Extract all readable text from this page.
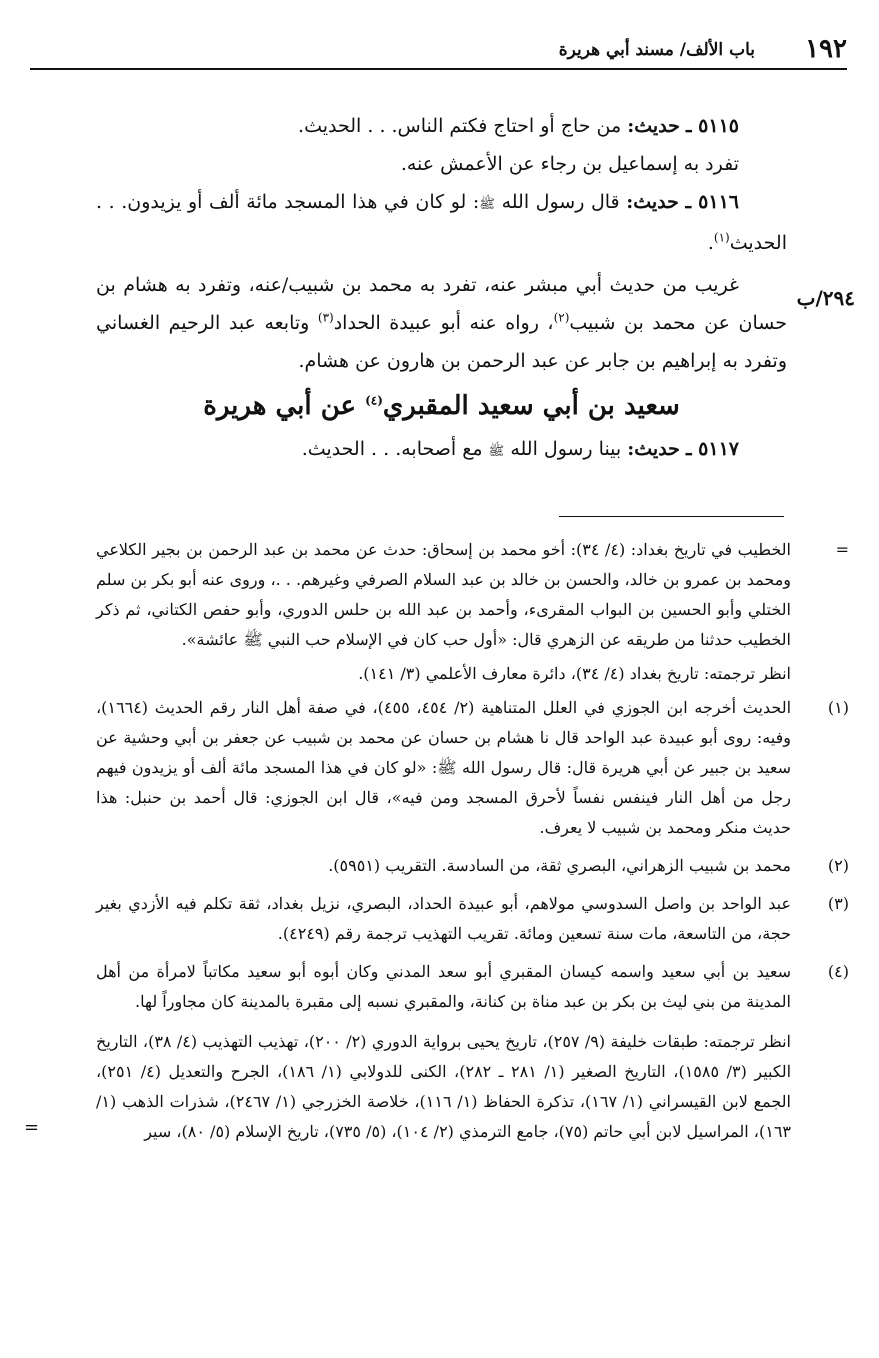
١٩٢
باب الألف/ مسند أبي هريرة
٢٩٤/ب

٥١١٥ ـ حديث: من حاج أو احتاج فكتم الناس. . . الحديث.

تفرد به إسماعيل بن رجاء عن الأعمش عنه.

٥١١٦ ـ حديث: قال رسول الله ﷺ: لو كان في هذا المسجد مائة ألف أو يزيدون. . . الحديث$^{(١)}$.

غريب من حديث أبي مبشر عنه، تفرد به محمد بن شبيب/عنه، وتفرد به هشام بن حسان عن محمد بن شبيب$^{(٢)}$، رواه عنه أبو عبيدة الحداد$^{(٣)}$ وتابعه عبد الرحيم الغساني وتفرد به إبراهيم بن جابر عن عبد الرحمن بن هارون عن هشام.

سعيد بن أبي سعيد المقبري$^{(٤)}$ عن أبي هريرة

٥١١٧ ـ حديث: بينا رسول الله ﷺ مع أصحابه. . . الحديث.

=
الخطيب في تاريخ بغداد: (٤/ ٣٤): أخو محمد بن إسحاق: حدث عن محمد بن عبد الرحمن بن بجير الكلاعي ومحمد بن عمرو بن خالد، والحسن بن خالد بن عبد السلام الصرفي وغيرهم. . .، وروى عنه أبو بكر بن سلم الختلي وأبو الحسين بن البواب المقرىء، وأحمد بن عبد الله بن حلس الدوري، وأبو حفص الكتاني، ثم ذكر الخطيب حدثنا من طريقه عن الزهري قال: «أول حب كان في الإسلام حب النبي ﷺ عائشة».
انظر ترجمته: تاريخ بغداد (٤/ ٣٤)، دائرة معارف الأعلمي (٣/ ١٤١).
(١)
الحديث أخرجه ابن الجوزي في العلل المتناهية (٢/ ٤٥٤، ٤٥٥)، في صفة أهل النار رقم الحديث (١٦٦٤)، وفيه: روى أبو عبيدة عبد الواحد قال نا هشام بن حسان عن محمد بن شبيب عن جعفر بن أبي وحشية عن سعيد بن جبير عن أبي هريرة قال: قال رسول الله ﷺ: «لو كان في هذا المسجد مائة ألف أو يزيدون فيهم رجل من أهل النار فينفس نفساً لأحرق المسجد ومن فيه»، قال ابن الجوزي: قال أحمد بن حنبل: هذا حديث منكر ومحمد بن شبيب لا يعرف.
(٢)
محمد بن شبيب الزهراني، البصري ثقة، من السادسة. التقريب (٥٩٥١).
(٣)
عبد الواحد بن واصل السدوسي مولاهم، أبو عبيدة الحداد، البصري، نزيل بغداد، ثقة تكلم فيه الأزدي بغير حجة، من التاسعة، مات سنة تسعين ومائة. تقريب التهذيب ترجمة رقم (٤٢٤٩).
(٤)
سعيد بن أبي سعيد واسمه كيسان المقبري أبو سعد المدني وكان أبوه أبو سعيد مكاتباً لامرأة من أهل المدينة من بني ليث بن بكر بن عبد مناة بن كنانة، والمقبري نسبه إلى مقبرة بالمدينة كان مجاوراً لها.
انظر ترجمته: طبقات خليفة (٩/ ٢٥٧)، تاريخ يحيى برواية الدوري (٢/ ٢٠٠)، تهذيب التهذيب (٤/ ٣٨)، التاريخ الكبير (٣/ ١٥٨٥)، التاريخ الصغير (١/ ٢٨١ ـ ٢٨٢)، الكنى للدولابي (١/ ١٨٦)، الجرح والتعديل (٤/ ٢٥١)، الجمع لابن القيسراني (١/ ١٦٧)، تذكرة الحفاظ (١/ ١١٦)، خلاصة الخزرجي (١/ ٢٤٦٧)، شذرات الذهب (١/ ١٦٣)، المراسيل لابن أبي حاتم (٧٥)، جامع الترمذي (٢/ ١٠٤)، (٥/ ٧٣٥)، تاريخ الإسلام (٥/ ٨٠)، سير
=
